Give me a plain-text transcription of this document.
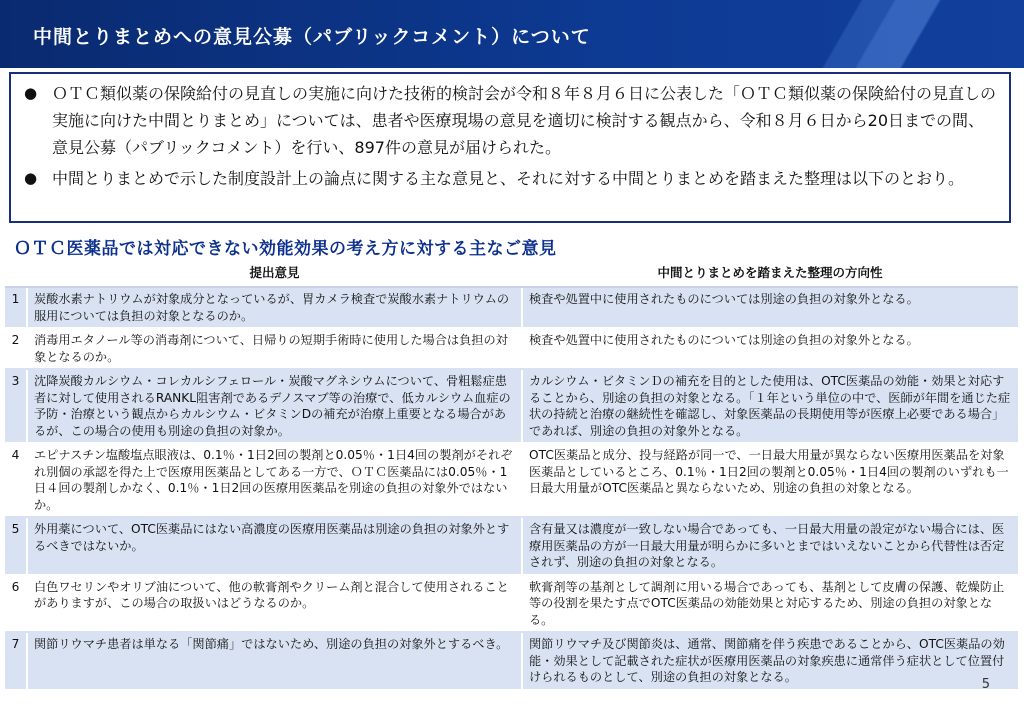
中間とりまとめへの意見公募（パブリックコメント）について
● ＯＴＣ類似薬の保険給付の見直しの実施に向けた技術的検討会が令和８年８月６日に公表した「ＯＴＣ類似薬の保険給付の見直しの実施に向けた中間とりまとめ」については、患者や医療現場の意見を適切に検討する観点から、令和８月６日から20日までの間、意見公募（パブリックコメント）を行い、897件の意見が届けられた。
● 中間とりまとめで示した制度設計上の論点に関する主な意見と、それに対する中間とりまとめを踏まえた整理は以下のとおり。
ＯＴＣ医薬品では対応できない効能効果の考え方に対する主なご意見
	提出意見	中間とりまとめを踏まえた整理の方向性
1	炭酸水素ナトリウムが対象成分となっているが、胃カメラ検査で炭酸水素ナトリウムの服用については負担の対象となるのか。	検査や処置中に使用されたものについては別途の負担の対象外となる。
2	消毒用エタノール等の消毒剤について、日帰りの短期手術時に使用した場合は負担の対象となるのか。	検査や処置中に使用されたものについては別途の負担の対象外となる。
3	沈降炭酸カルシウム・コレカルシフェロール・炭酸マグネシウムについて、骨粗鬆症患者に対して使用されるRANKL阻害剤であるデノスマブ等の治療で、低カルシウム血症の予防・治療という観点からカルシウム・ビタミンDの補充が治療上重要となる場合があるが、この場合の使用も別途の負担の対象か。	カルシウム・ビタミンＤの補充を目的とした使用は、OTC医薬品の効能・効果と対応することから、別途の負担の対象となる。「１年という単位の中で、医師が年間を通じた症状の持続と治療の継続性を確認し、対象医薬品の長期使用等が医療上必要である場合」であれば、別途の負担の対象外となる。
4	エピナスチン塩酸塩点眼液は、0.1％・1日2回の製剤と0.05％・1日4回の製剤がそれぞれ別個の承認を得た上で医療用医薬品としてある一方で、ＯＴＣ医薬品には0.05％・1日４回の製剤しかなく、0.1％・1日2回の医療用医薬品を別途の負担の対象外ではないか。	OTC医薬品と成分、投与経路が同一で、一日最大用量が異ならない医療用医薬品を対象医薬品としているところ、0.1％・1日2回の製剤と0.05％・1日4回の製剤のいずれも一日最大用量がOTC医薬品と異ならないため、別途の負担の対象となる。
5	外用薬について、OTC医薬品にはない高濃度の医療用医薬品は別途の負担の対象外とするべきではないか。	含有量又は濃度が一致しない場合であっても、一日最大用量の設定がない場合には、医療用医薬品の方が一日最大用量が明らかに多いとまではいえないことから代替性は否定されず、別途の負担の対象となる。
6	白色ワセリンやオリブ油について、他の軟膏剤やクリーム剤と混合して使用されることがありますが、この場合の取扱いはどうなるのか。	軟膏剤等の基剤として調剤に用いる場合であっても、基剤として皮膚の保護、乾燥防止等の役割を果たす点でOTC医薬品の効能効果と対応するため、別途の負担の対象となる。
7	関節リウマチ患者は単なる「関節痛」ではないため、別途の負担の対象外とするべき。	関節リウマチ及び関節炎は、通常、関節痛を伴う疾患であることから、OTC医薬品の効能・効果として記載された症状が医療用医薬品の対象疾患に通常伴う症状として位置付けられるものとして、別途の負担の対象となる。	5
